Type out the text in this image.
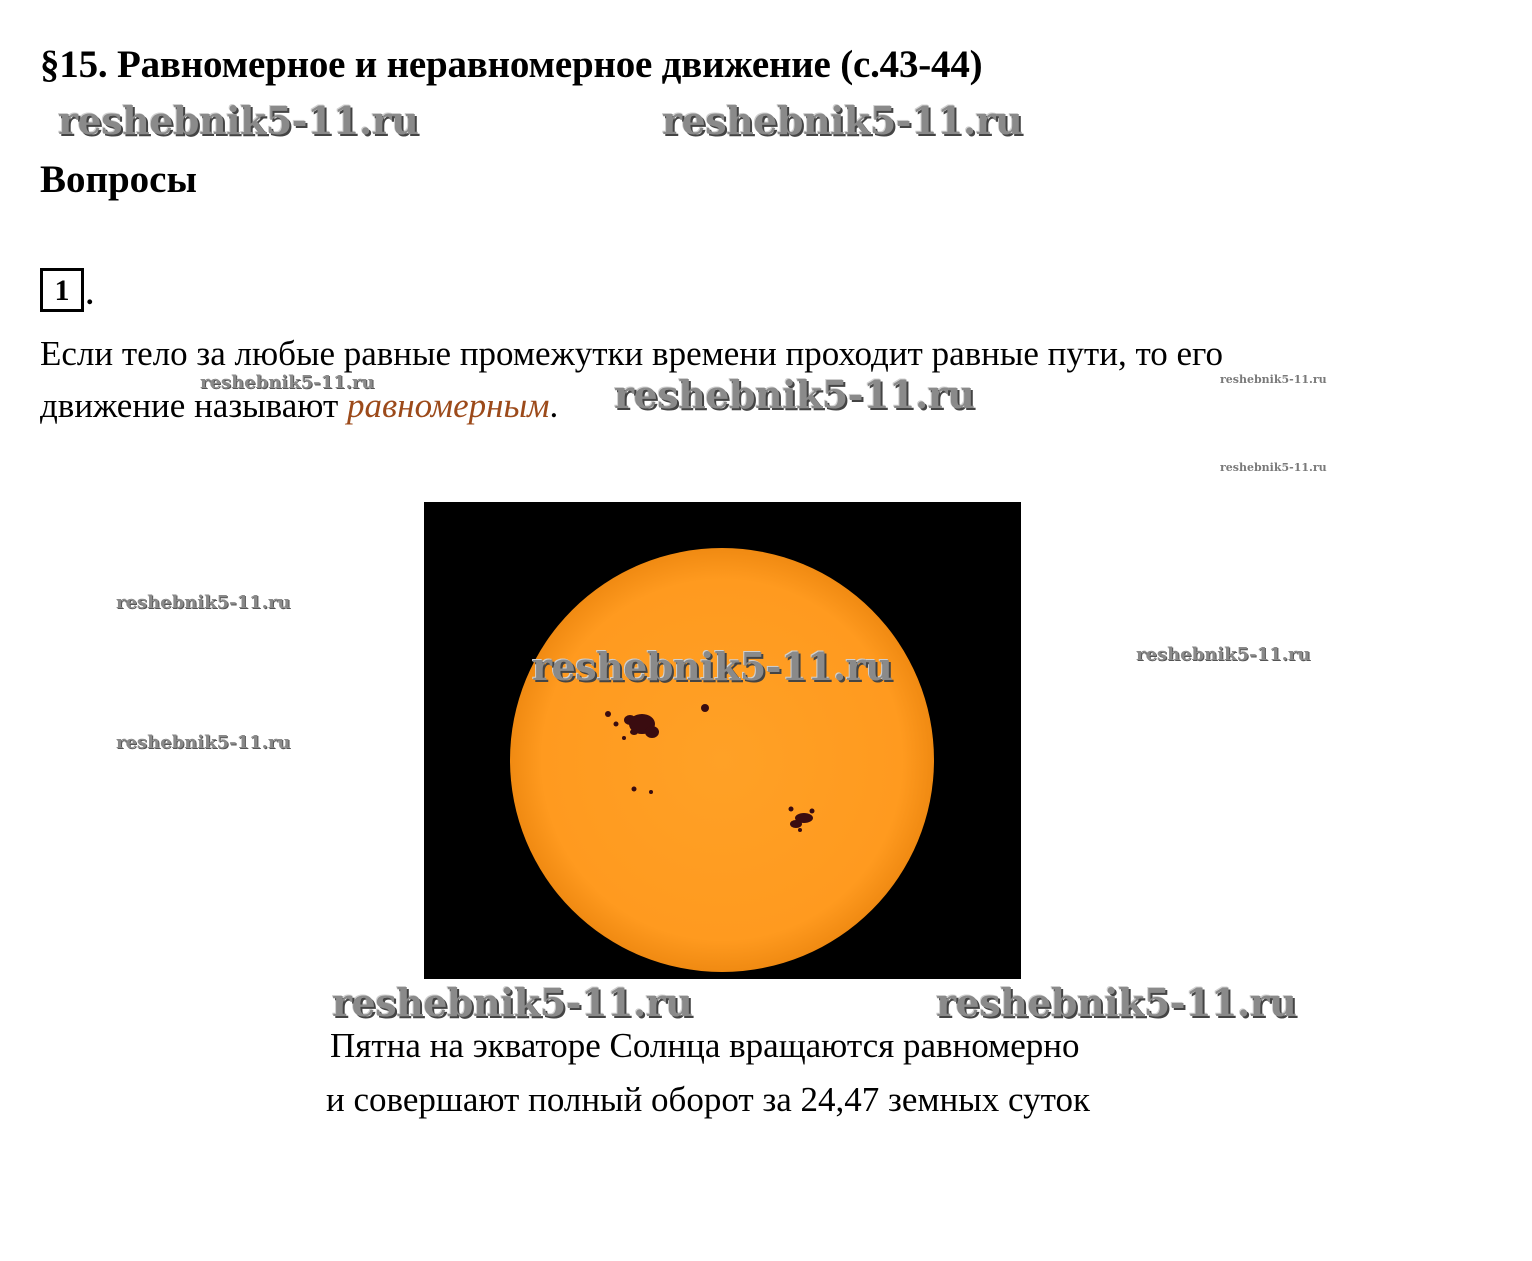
§15. Равномерное и неравномерное движение (с.43-44)
Вопросы
1 .
Если тело за любые равные промежутки времени проходит равные пути, то его
движение называют равномерным.
© picture-alliance/ dpa
22-Sep-2000 09:36	© picture-alliance/ dpa
Пятна на экваторе Солнца вращаются равномерно
и совершают полный оборот за 24,47 земных суток
reshebnik5-11.ru	reshebnik5-11.ru
reshebnik5-11.ru	reshebnik5-11.ru	reshebnik5-11.ru
reshebnik5-11.ru
reshebnik5-11.ru
reshebnik5-11.ru	reshebnik5-11.ru
reshebnik5-11.ru
reshebnik5-11.ru	reshebnik5-11.ru
